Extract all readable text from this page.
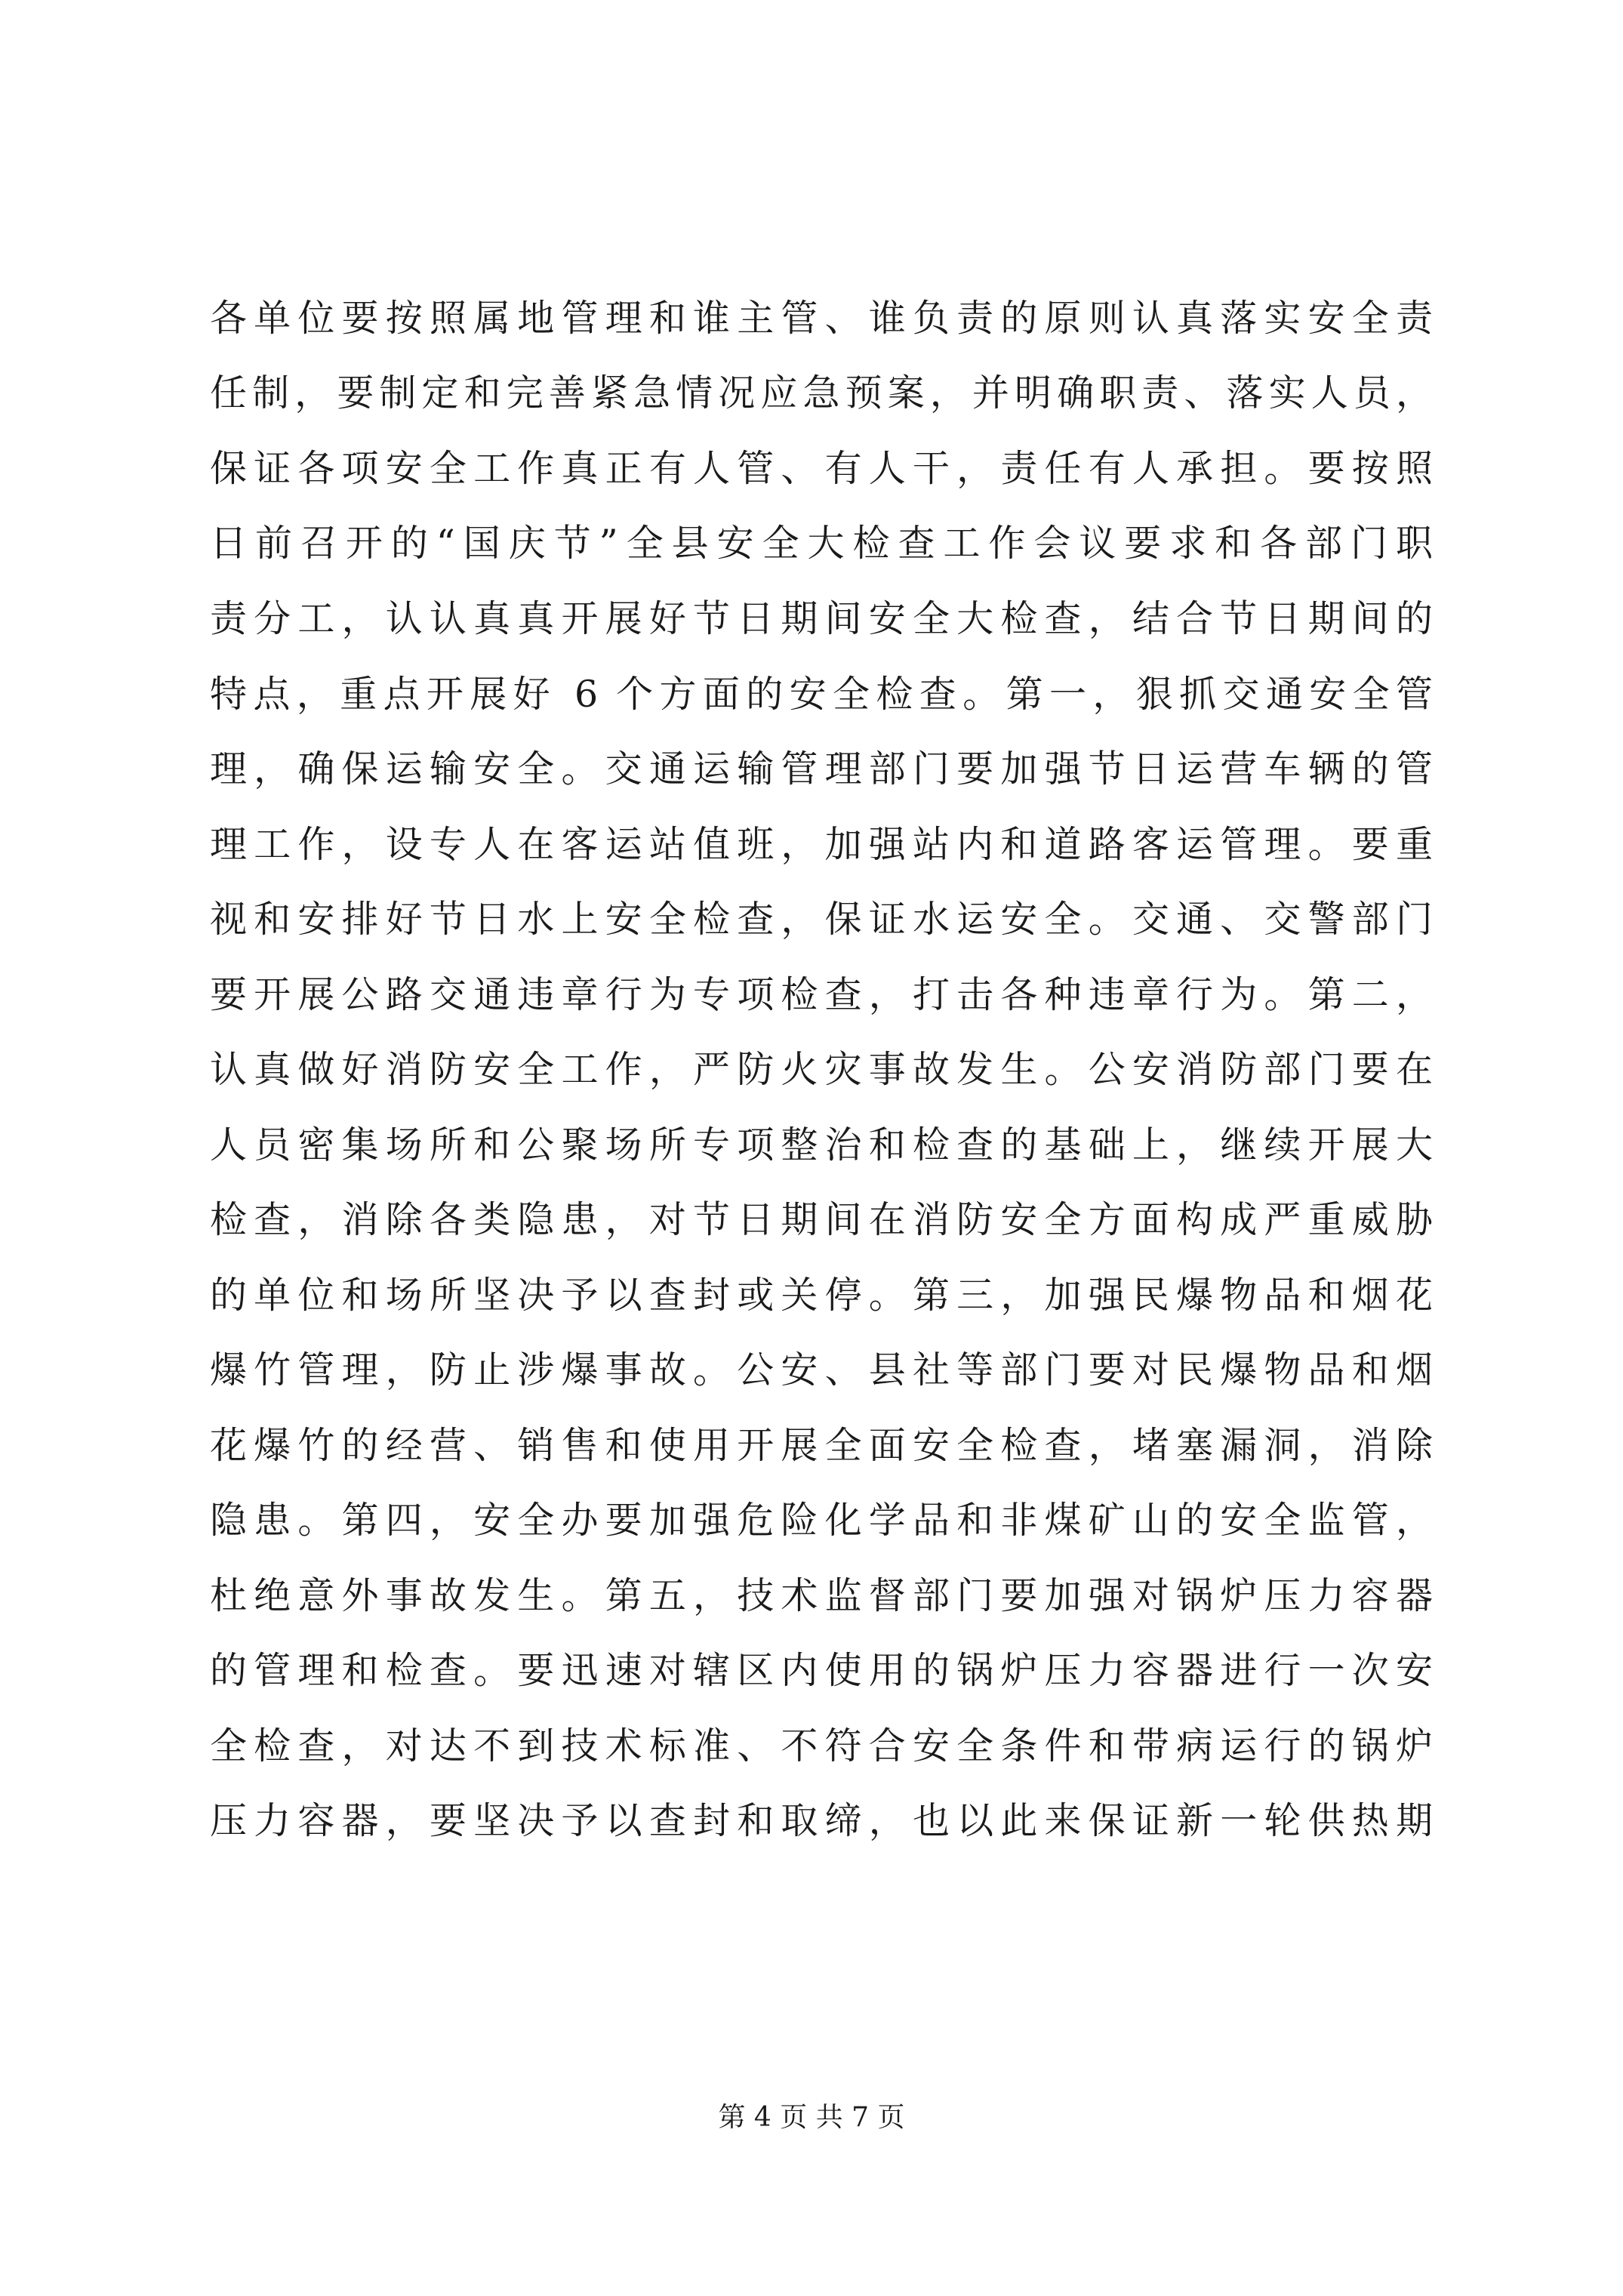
各单位要按照属地管理和谁主管、谁负责的原则认真落实安全责
任制，要制定和完善紧急情况应急预案，并明确职责、落实人员，
保证各项安全工作真正有人管、有人干，责任有人承担。要按照
日前召开的“国庆节”全县安全大检查工作会议要求和各部门职
责分工，认认真真开展好节日期间安全大检查，结合节日期间的
特点，重点开展好 6 个方面的安全检查。第一，狠抓交通安全管
理，确保运输安全。交通运输管理部门要加强节日运营车辆的管
理工作，设专人在客运站值班，加强站内和道路客运管理。要重
视和安排好节日水上安全检查，保证水运安全。交通、交警部门
要开展公路交通违章行为专项检查，打击各种违章行为。第二，
认真做好消防安全工作，严防火灾事故发生。公安消防部门要在
人员密集场所和公聚场所专项整治和检查的基础上，继续开展大
检查，消除各类隐患，对节日期间在消防安全方面构成严重威胁
的单位和场所坚决予以查封或关停。第三，加强民爆物品和烟花
爆竹管理，防止涉爆事故。公安、县社等部门要对民爆物品和烟
花爆竹的经营、销售和使用开展全面安全检查，堵塞漏洞，消除
隐患。第四，安全办要加强危险化学品和非煤矿山的安全监管，
杜绝意外事故发生。第五，技术监督部门要加强对锅炉压力容器
的管理和检查。要迅速对辖区内使用的锅炉压力容器进行一次安
全检查，对达不到技术标准、不符合安全条件和带病运行的锅炉
压力容器，要坚决予以查封和取缔，也以此来保证新一轮供热期
第 4 页 共 7 页
